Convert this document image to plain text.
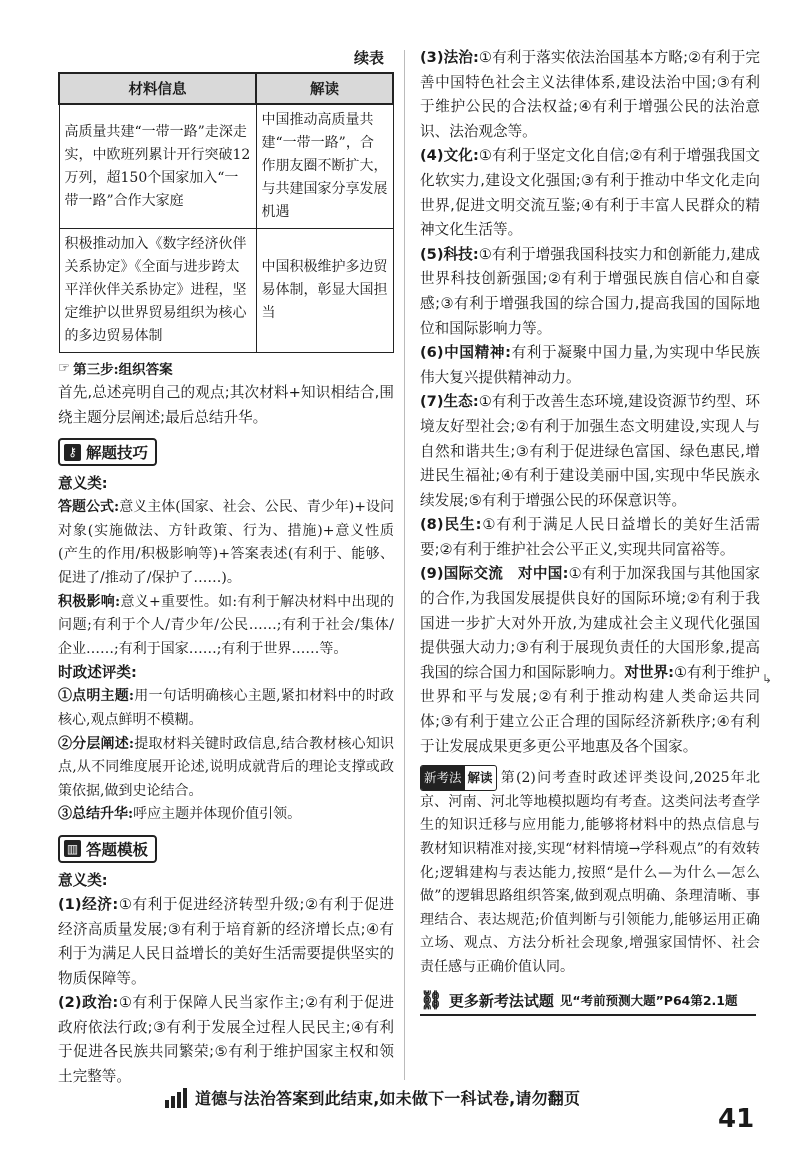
续表
材料信息	解读
高质量共建“一带一路”走深走实，中欧班列累计开行突破12万列，超150个国家加入“一带一路”合作大家庭	中国推动高质量共建“一带一路”，合作朋友圈不断扩大，与共建国家分享发展机遇
积极推动加入《数字经济伙伴关系协定》《全面与进步跨太平洋伙伴关系协定》进程，坚定维护以世界贸易组织为核心的多边贸易体制	中国积极维护多边贸易体制，彰显大国担当
☞ 第三步:组织答案

首先,总述亮明自己的观点;其次材料+知识相结合,围绕主题分层阐述;最后总结升华。

⚷ 解题技巧
意义类:

答题公式:意义主体(国家、社会、公民、青少年)+设问对象(实施做法、方针政策、行为、措施)+意义性质(产生的作用/积极影响等)+答案表述(有利于、能够、促进了/推动了/保护了……)。

积极影响:意义+重要性。如:有利于解决材料中出现的问题;有利于个人/青少年/公民……;有利于社会/集体/企业……;有利于国家……;有利于世界……等。

时政述评类:

①点明主题:用一句话明确核心主题,紧扣材料中的时政核心,观点鲜明不模糊。

②分层阐述:提取材料关键时政信息,结合教材核心知识点,从不同维度展开论述,说明成就背后的理论支撑或政策依据,做到史论结合。

③总结升华:呼应主题并体现价值引领。

▥ 答题模板
意义类:

(1)经济:①有利于促进经济转型升级;②有利于促进经济高质量发展;③有利于培育新的经济增长点;④有利于为满足人民日益增长的美好生活需要提供坚实的物质保障等。

(2)政治:①有利于保障人民当家作主;②有利于促进政府依法行政;③有利于发展全过程人民民主;④有利于促进各民族共同繁荣;⑤有利于维护国家主权和领土完整等。

(3)法治:①有利于落实依法治国基本方略;②有利于完善中国特色社会主义法律体系,建设法治中国;③有利于维护公民的合法权益;④有利于增强公民的法治意识、法治观念等。

(4)文化:①有利于坚定文化自信;②有利于增强我国文化软实力,建设文化强国;③有利于推动中华文化走向世界,促进文明交流互鉴;④有利于丰富人民群众的精神文化生活等。

(5)科技:①有利于增强我国科技实力和创新能力,建成世界科技创新强国;②有利于增强民族自信心和自豪感;③有利于增强我国的综合国力,提高我国的国际地位和国际影响力等。

(6)中国精神:有利于凝聚中国力量,为实现中华民族伟大复兴提供精神动力。

(7)生态:①有利于改善生态环境,建设资源节约型、环境友好型社会;②有利于加强生态文明建设,实现人与自然和谐共生;③有利于促进绿色富国、绿色惠民,增进民生福祉;④有利于建设美丽中国,实现中华民族永续发展;⑤有利于增强公民的环保意识等。

(8)民生:①有利于满足人民日益增长的美好生活需要;②有利于维护社会公平正义,实现共同富裕等。

(9)国际交流　对中国:①有利于加深我国与其他国家的合作,为我国发展提供良好的国际环境;②有利于我国进一步扩大对外开放,为建成社会主义现代化强国提供强大动力;③有利于展现负责任的大国形象,提高我国的综合国力和国际影响力。对世界:①有利于维护世界和平与发展;②有利于推动构建人类命运共同体;③有利于建立公正合理的国际经济新秩序;④有利于让发展成果更多更公平地惠及各个国家。

新考法 解读 第(2)问考查时政述评类设问,2025年北京、河南、河北等地模拟题均有考查。这类问法考查学生的知识迁移与应用能力,能够将材料中的热点信息与教材知识精准对接,实现“材料情境→学科观点”的有效转化;逻辑建构与表达能力,按照“是什么—为什么—怎么做”的逻辑思路组织答案,做到观点明确、条理清晰、事理结合、表达规范;价值判断与引领能力,能够运用正确立场、观点、方法分析社会现象,增强家国情怀、社会责任感与正确价值认同。

⛓ 更多新考法试题 见“考前预测大题”P64第2.1题
↳
道德与法治答案到此结束,如未做下一科试卷,请勿翻页
41
